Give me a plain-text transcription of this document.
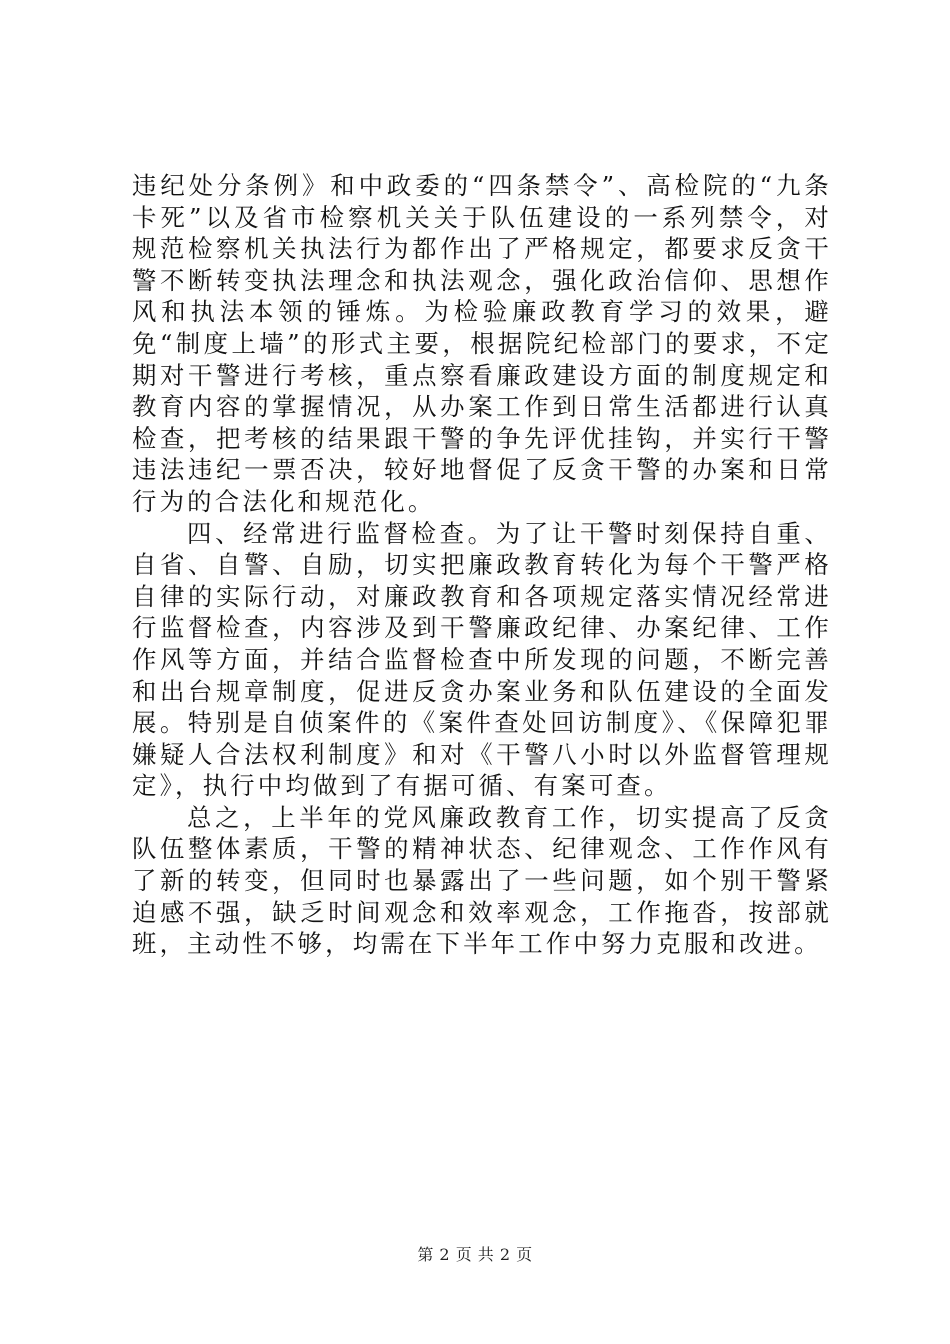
违纪处分条例》和中政委的“四条禁令”、高检院的“九条卡死”以及省市检察机关关于队伍建设的一系列禁令，对规范检察机关执法行为都作出了严格规定，都要求反贪干警不断转变执法理念和执法观念，强化政治信仰、思想作风和执法本领的锤炼。为检验廉政教育学习的效果，避免“制度上墙”的形式主要，根据院纪检部门的要求，不定期对干警进行考核，重点察看廉政建设方面的制度规定和教育内容的掌握情况，从办案工作到日常生活都进行认真检查，把考核的结果跟干警的争先评优挂钩，并实行干警违法违纪一票否决，较好地督促了反贪干警的办案和日常行为的合法化和规范化。

四、经常进行监督检查。为了让干警时刻保持自重、自省、自警、自励，切实把廉政教育转化为每个干警严格自律的实际行动，对廉政教育和各项规定落实情况经常进行监督检查，内容涉及到干警廉政纪律、办案纪律、工作作风等方面，并结合监督检查中所发现的问题，不断完善和出台规章制度，促进反贪办案业务和队伍建设的全面发展。特别是自侦案件的《案件查处回访制度》、《保障犯罪嫌疑人合法权利制度》和对《干警八小时以外监督管理规定》，执行中均做到了有据可循、有案可查。

总之，上半年的党风廉政教育工作，切实提高了反贪队伍整体素质，干警的精神状态、纪律观念、工作作风有了新的转变，但同时也暴露出了一些问题，如个别干警紧迫感不强，缺乏时间观念和效率观念，工作拖沓，按部就班，主动性不够，均需在下半年工作中努力克服和改进。

第 2 页 共 2 页
